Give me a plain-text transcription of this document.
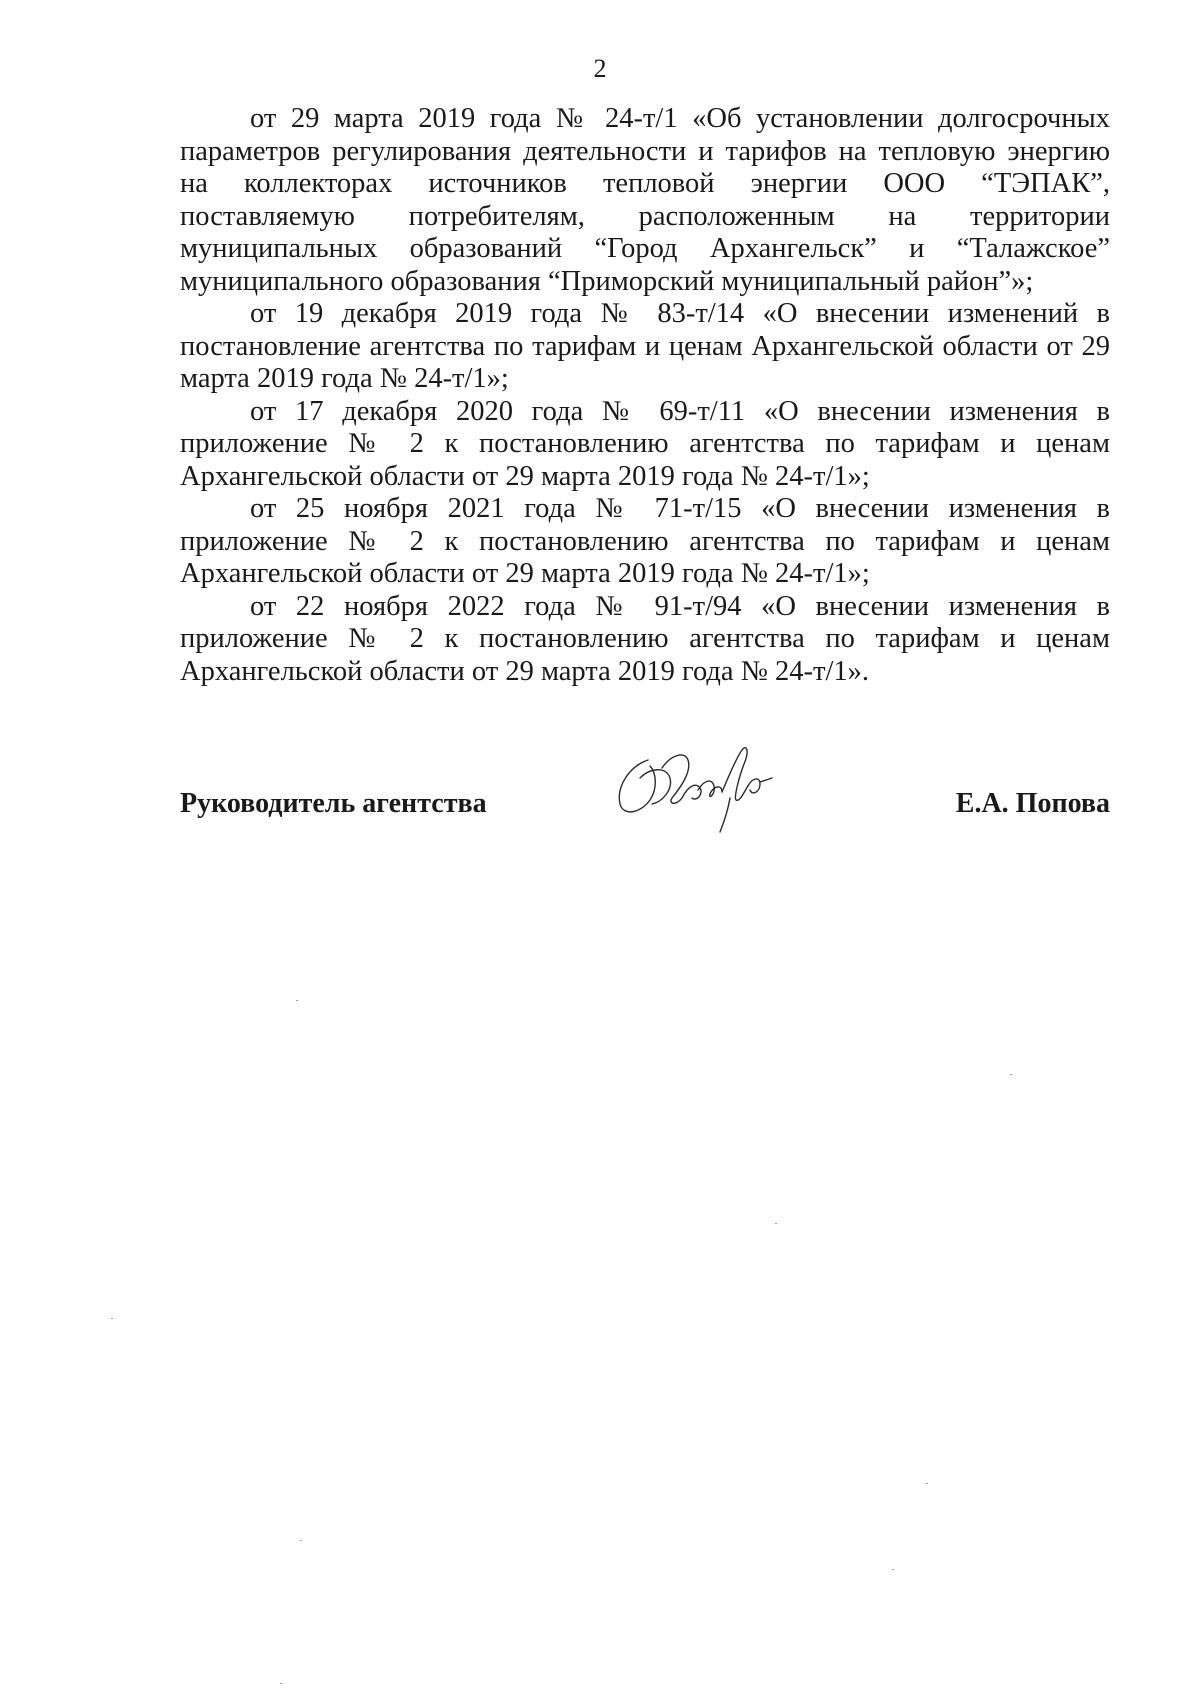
2

от 29 марта 2019 года № 24-т/1 «Об установлении долгосрочных параметров регулирования деятельности и тарифов на тепловую энергию на коллекторах источников тепловой энергии ООО “ТЭПАК”, поставляемую потребителям, расположенным на территории муниципальных образований “Город Архангельск” и “Талажское” муниципального образования “Приморский муниципальный район”»;

от 19 декабря 2019 года № 83-т/14 «О внесении изменений в постановление агентства по тарифам и ценам Архангельской области от 29 марта 2019 года № 24-т/1»;

от 17 декабря 2020 года № 69-т/11 «О внесении изменения в приложение № 2 к постановлению агентства по тарифам и ценам Архангельской области от 29 марта 2019 года № 24-т/1»;

от 25 ноября 2021 года № 71-т/15 «О внесении изменения в приложение № 2 к постановлению агентства по тарифам и ценам Архангельской области от 29 марта 2019 года № 24-т/1»;

от 22 ноября 2022 года № 91-т/94 «О внесении изменения в приложение № 2 к постановлению агентства по тарифам и ценам Архангельской области от 29 марта 2019 года № 24-т/1».

Руководитель агентства	Е.А. Попова
